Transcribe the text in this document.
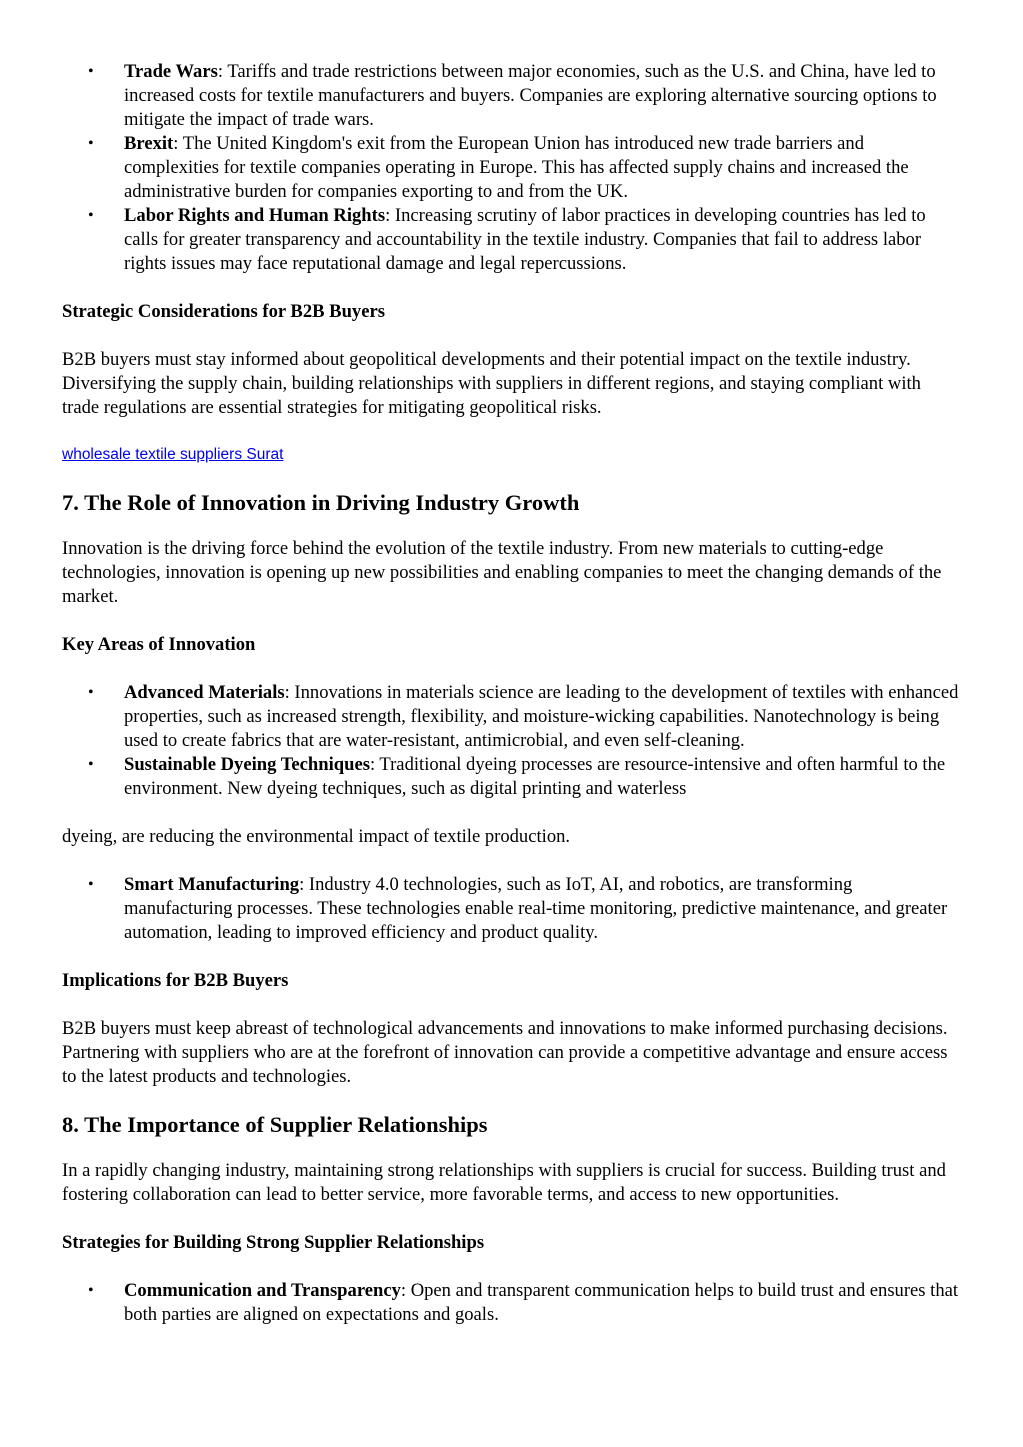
• Trade Wars: Tariffs and trade restrictions between major economies, such as the U.S. and China, have led to increased costs for textile manufacturers and buyers. Companies are exploring alternative sourcing options to mitigate the impact of trade wars.
• Brexit: The United Kingdom's exit from the European Union has introduced new trade barriers and complexities for textile companies operating in Europe. This has affected supply chains and increased the administrative burden for companies exporting to and from the UK.
• Labor Rights and Human Rights: Increasing scrutiny of labor practices in developing countries has led to calls for greater transparency and accountability in the textile industry. Companies that fail to address labor rights issues may face reputational damage and legal repercussions.

Strategic Considerations for B2B Buyers

B2B buyers must stay informed about geopolitical developments and their potential impact on the textile industry. Diversifying the supply chain, building relationships with suppliers in different regions, and staying compliant with trade regulations are essential strategies for mitigating geopolitical risks.

wholesale textile suppliers Surat

7. The Role of Innovation in Driving Industry Growth

Innovation is the driving force behind the evolution of the textile industry. From new materials to cutting-edge technologies, innovation is opening up new possibilities and enabling companies to meet the changing demands of the market.

Key Areas of Innovation

• Advanced Materials: Innovations in materials science are leading to the development of textiles with enhanced properties, such as increased strength, flexibility, and moisture-wicking capabilities. Nanotechnology is being used to create fabrics that are water-resistant, antimicrobial, and even self-cleaning.
• Sustainable Dyeing Techniques: Traditional dyeing processes are resource-intensive and often harmful to the environment. New dyeing techniques, such as digital printing and waterless

dyeing, are reducing the environmental impact of textile production.

• Smart Manufacturing: Industry 4.0 technologies, such as IoT, AI, and robotics, are transforming manufacturing processes. These technologies enable real-time monitoring, predictive maintenance, and greater automation, leading to improved efficiency and product quality.

Implications for B2B Buyers

B2B buyers must keep abreast of technological advancements and innovations to make informed purchasing decisions. Partnering with suppliers who are at the forefront of innovation can provide a competitive advantage and ensure access to the latest products and technologies.

8. The Importance of Supplier Relationships

In a rapidly changing industry, maintaining strong relationships with suppliers is crucial for success. Building trust and fostering collaboration can lead to better service, more favorable terms, and access to new opportunities.

Strategies for Building Strong Supplier Relationships

• Communication and Transparency: Open and transparent communication helps to build trust and ensures that both parties are aligned on expectations and goals.
